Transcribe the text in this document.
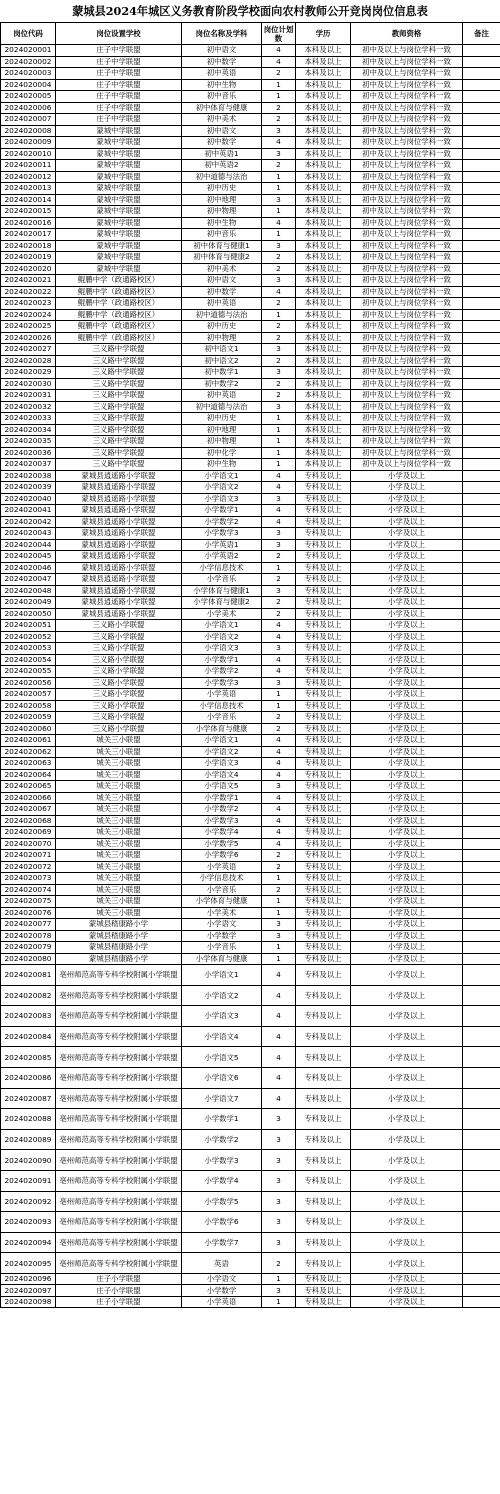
蒙城县2024年城区义务教育阶段学校面向农村教师公开竞岗岗位信息表
岗位代码	岗位设置学校	岗位名称及学科	岗位计划数	学历	教师资格	备注
2024020001	庄子中学联盟	初中语文	4	本科及以上	初中及以上与岗位学科一致	
2024020002	庄子中学联盟	初中数学	4	本科及以上	初中及以上与岗位学科一致	
2024020003	庄子中学联盟	初中英语	2	本科及以上	初中及以上与岗位学科一致	
2024020004	庄子中学联盟	初中生物	1	本科及以上	初中及以上与岗位学科一致	
2024020005	庄子中学联盟	初中音乐	1	本科及以上	初中及以上与岗位学科一致	
2024020006	庄子中学联盟	初中体育与健康	2	本科及以上	初中及以上与岗位学科一致	
2024020007	庄子中学联盟	初中美术	2	本科及以上	初中及以上与岗位学科一致	
2024020008	蒙城中学联盟	初中语文	3	本科及以上	初中及以上与岗位学科一致	
2024020009	蒙城中学联盟	初中数学	4	本科及以上	初中及以上与岗位学科一致	
2024020010	蒙城中学联盟	初中英语1	3	本科及以上	初中及以上与岗位学科一致	
2024020011	蒙城中学联盟	初中英语2	2	本科及以上	初中及以上与岗位学科一致	
2024020012	蒙城中学联盟	初中道德与法治	1	本科及以上	初中及以上与岗位学科一致	
2024020013	蒙城中学联盟	初中历史	1	本科及以上	初中及以上与岗位学科一致	
2024020014	蒙城中学联盟	初中地理	3	本科及以上	初中及以上与岗位学科一致	
2024020015	蒙城中学联盟	初中物理	1	本科及以上	初中及以上与岗位学科一致	
2024020016	蒙城中学联盟	初中生物	4	本科及以上	初中及以上与岗位学科一致	
2024020017	蒙城中学联盟	初中音乐	1	本科及以上	初中及以上与岗位学科一致	
2024020018	蒙城中学联盟	初中体育与健康1	3	本科及以上	初中及以上与岗位学科一致	
2024020019	蒙城中学联盟	初中体育与健康2	2	本科及以上	初中及以上与岗位学科一致	
2024020020	蒙城中学联盟	初中美术	2	本科及以上	初中及以上与岗位学科一致	
2024020021	鲲鹏中学（政通路校区）	初中语文	3	本科及以上	初中及以上与岗位学科一致	
2024020022	鲲鹏中学（政通路校区）	初中数学	4	本科及以上	初中及以上与岗位学科一致	
2024020023	鲲鹏中学（政通路校区）	初中英语	2	本科及以上	初中及以上与岗位学科一致	
2024020024	鲲鹏中学（政通路校区）	初中道德与法治	1	本科及以上	初中及以上与岗位学科一致	
2024020025	鲲鹏中学（政通路校区）	初中历史	2	本科及以上	初中及以上与岗位学科一致	
2024020026	鲲鹏中学（政通路校区）	初中物理	2	本科及以上	初中及以上与岗位学科一致	
2024020027	三义路中学联盟	初中语文1	3	本科及以上	初中及以上与岗位学科一致	
2024020028	三义路中学联盟	初中语文2	2	本科及以上	初中及以上与岗位学科一致	
2024020029	三义路中学联盟	初中数学1	3	本科及以上	初中及以上与岗位学科一致	
2024020030	三义路中学联盟	初中数学2	2	本科及以上	初中及以上与岗位学科一致	
2024020031	三义路中学联盟	初中英语	2	本科及以上	初中及以上与岗位学科一致	
2024020032	三义路中学联盟	初中道德与法治	3	本科及以上	初中及以上与岗位学科一致	
2024020033	三义路中学联盟	初中历史	1	本科及以上	初中及以上与岗位学科一致	
2024020034	三义路中学联盟	初中地理	1	本科及以上	初中及以上与岗位学科一致	
2024020035	三义路中学联盟	初中物理	1	本科及以上	初中及以上与岗位学科一致	
2024020036	三义路中学联盟	初中化学	1	本科及以上	初中及以上与岗位学科一致	
2024020037	三义路中学联盟	初中生物	1	本科及以上	初中及以上与岗位学科一致	
2024020038	蒙城县逍遥路小学联盟	小学语文1	4	专科及以上	小学及以上	
2024020039	蒙城县逍遥路小学联盟	小学语文2	4	专科及以上	小学及以上	
2024020040	蒙城县逍遥路小学联盟	小学语文3	3	专科及以上	小学及以上	
2024020041	蒙城县逍遥路小学联盟	小学数学1	4	专科及以上	小学及以上	
2024020042	蒙城县逍遥路小学联盟	小学数学2	4	专科及以上	小学及以上	
2024020043	蒙城县逍遥路小学联盟	小学数学3	3	专科及以上	小学及以上	
2024020044	蒙城县逍遥路小学联盟	小学英语1	3	专科及以上	小学及以上	
2024020045	蒙城县逍遥路小学联盟	小学英语2	2	专科及以上	小学及以上	
2024020046	蒙城县逍遥路小学联盟	小学信息技术	1	专科及以上	小学及以上	
2024020047	蒙城县逍遥路小学联盟	小学音乐	2	专科及以上	小学及以上	
2024020048	蒙城县逍遥路小学联盟	小学体育与健康1	3	专科及以上	小学及以上	
2024020049	蒙城县逍遥路小学联盟	小学体育与健康2	2	专科及以上	小学及以上	
2024020050	蒙城县逍遥路小学联盟	小学美术	2	专科及以上	小学及以上	
2024020051	三义路小学联盟	小学语文1	4	专科及以上	小学及以上	
2024020052	三义路小学联盟	小学语文2	4	专科及以上	小学及以上	
2024020053	三义路小学联盟	小学语文3	3	专科及以上	小学及以上	
2024020054	三义路小学联盟	小学数学1	4	专科及以上	小学及以上	
2024020055	三义路小学联盟	小学数学2	4	专科及以上	小学及以上	
2024020056	三义路小学联盟	小学数学3	3	专科及以上	小学及以上	
2024020057	三义路小学联盟	小学英语	1	专科及以上	小学及以上	
2024020058	三义路小学联盟	小学信息技术	1	专科及以上	小学及以上	
2024020059	三义路小学联盟	小学音乐	2	专科及以上	小学及以上	
2024020060	三义路小学联盟	小学体育与健康	2	专科及以上	小学及以上	
2024020061	城关三小联盟	小学语文1	4	专科及以上	小学及以上	
2024020062	城关三小联盟	小学语文2	4	专科及以上	小学及以上	
2024020063	城关三小联盟	小学语文3	4	专科及以上	小学及以上	
2024020064	城关三小联盟	小学语文4	4	专科及以上	小学及以上	
2024020065	城关三小联盟	小学语文5	3	专科及以上	小学及以上	
2024020066	城关三小联盟	小学数学1	4	专科及以上	小学及以上	
2024020067	城关三小联盟	小学数学2	4	专科及以上	小学及以上	
2024020068	城关三小联盟	小学数学3	4	专科及以上	小学及以上	
2024020069	城关三小联盟	小学数学4	4	专科及以上	小学及以上	
2024020070	城关三小联盟	小学数学5	4	专科及以上	小学及以上	
2024020071	城关三小联盟	小学数学6	2	专科及以上	小学及以上	
2024020072	城关三小联盟	小学英语	2	专科及以上	小学及以上	
2024020073	城关三小联盟	小学信息技术	1	专科及以上	小学及以上	
2024020074	城关三小联盟	小学音乐	2	专科及以上	小学及以上	
2024020075	城关三小联盟	小学体育与健康	1	专科及以上	小学及以上	
2024020076	城关三小联盟	小学美术	1	专科及以上	小学及以上	
2024020077	蒙城县嵇康路小学	小学语文	3	专科及以上	小学及以上	
2024020078	蒙城县嵇康路小学	小学数学	3	专科及以上	小学及以上	
2024020079	蒙城县嵇康路小学	小学音乐	1	专科及以上	小学及以上	
2024020080	蒙城县嵇康路小学	小学体育与健康	1	专科及以上	小学及以上	
2024020081	亳州师范高等专科学校附属小学联盟	小学语文1	4	专科及以上	小学及以上	
2024020082	亳州师范高等专科学校附属小学联盟	小学语文2	4	专科及以上	小学及以上	
2024020083	亳州师范高等专科学校附属小学联盟	小学语文3	4	专科及以上	小学及以上	
2024020084	亳州师范高等专科学校附属小学联盟	小学语文4	4	专科及以上	小学及以上	
2024020085	亳州师范高等专科学校附属小学联盟	小学语文5	4	专科及以上	小学及以上	
2024020086	亳州师范高等专科学校附属小学联盟	小学语文6	4	专科及以上	小学及以上	
2024020087	亳州师范高等专科学校附属小学联盟	小学语文7	4	专科及以上	小学及以上	
2024020088	亳州师范高等专科学校附属小学联盟	小学数学1	3	专科及以上	小学及以上	
2024020089	亳州师范高等专科学校附属小学联盟	小学数学2	3	专科及以上	小学及以上	
2024020090	亳州师范高等专科学校附属小学联盟	小学数学3	3	专科及以上	小学及以上	
2024020091	亳州师范高等专科学校附属小学联盟	小学数学4	3	专科及以上	小学及以上	
2024020092	亳州师范高等专科学校附属小学联盟	小学数学5	3	专科及以上	小学及以上	
2024020093	亳州师范高等专科学校附属小学联盟	小学数学6	3	专科及以上	小学及以上	
2024020094	亳州师范高等专科学校附属小学联盟	小学数学7	3	专科及以上	小学及以上	
2024020095	亳州师范高等专科学校附属小学联盟	英语	2	专科及以上	小学及以上	
2024020096	庄子小学联盟	小学语文	1	专科及以上	小学及以上	
2024020097	庄子小学联盟	小学数学	3	专科及以上	小学及以上	
2024020098	庄子小学联盟	小学英语	1	专科及以上	小学及以上	
